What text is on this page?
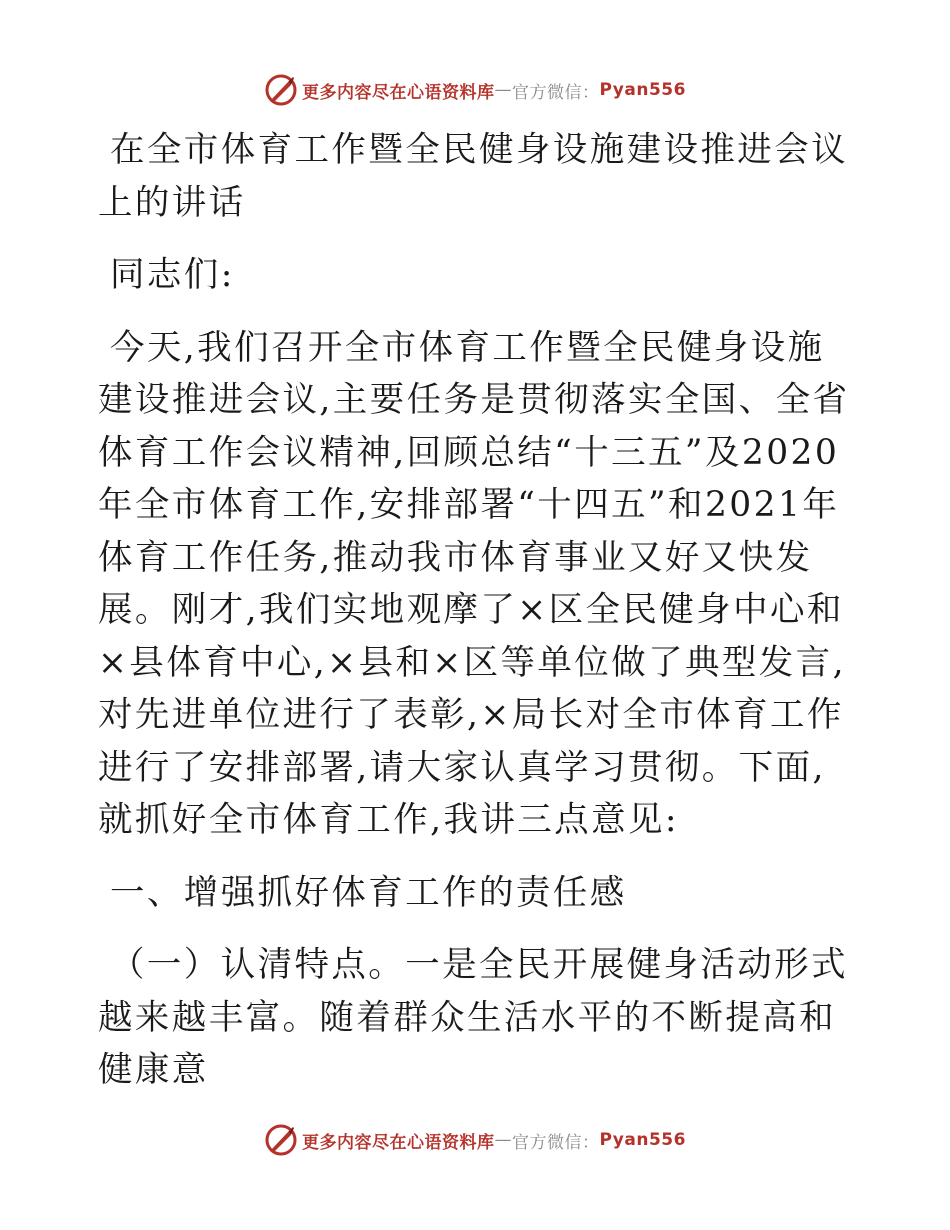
更多内容尽在心语资料库 — 官方微信： Pyan556

在全市体育工作暨全民健身设施建设推进会议上的讲话

同志们:

今天,我们召开全市体育工作暨全民健身设施建设推进会议,主要任务是贯彻落实全国、全省体育工作会议精神,回顾总结“十三五”及2020年全市体育工作,安排部署“十四五”和2021年体育工作任务,推动我市体育事业又好又快发展。刚才,我们实地观摩了×区全民健身中心和×县体育中心,×县和×区等单位做了典型发言,对先进单位进行了表彰,×局长对全市体育工作进行了安排部署,请大家认真学习贯彻。下面,就抓好全市体育工作,我讲三点意见:

一、增强抓好体育工作的责任感

（一）认清特点。一是全民开展健身活动形式越来越丰富。随着群众生活水平的不断提高和健康意

更多内容尽在心语资料库 — 官方微信： Pyan556
